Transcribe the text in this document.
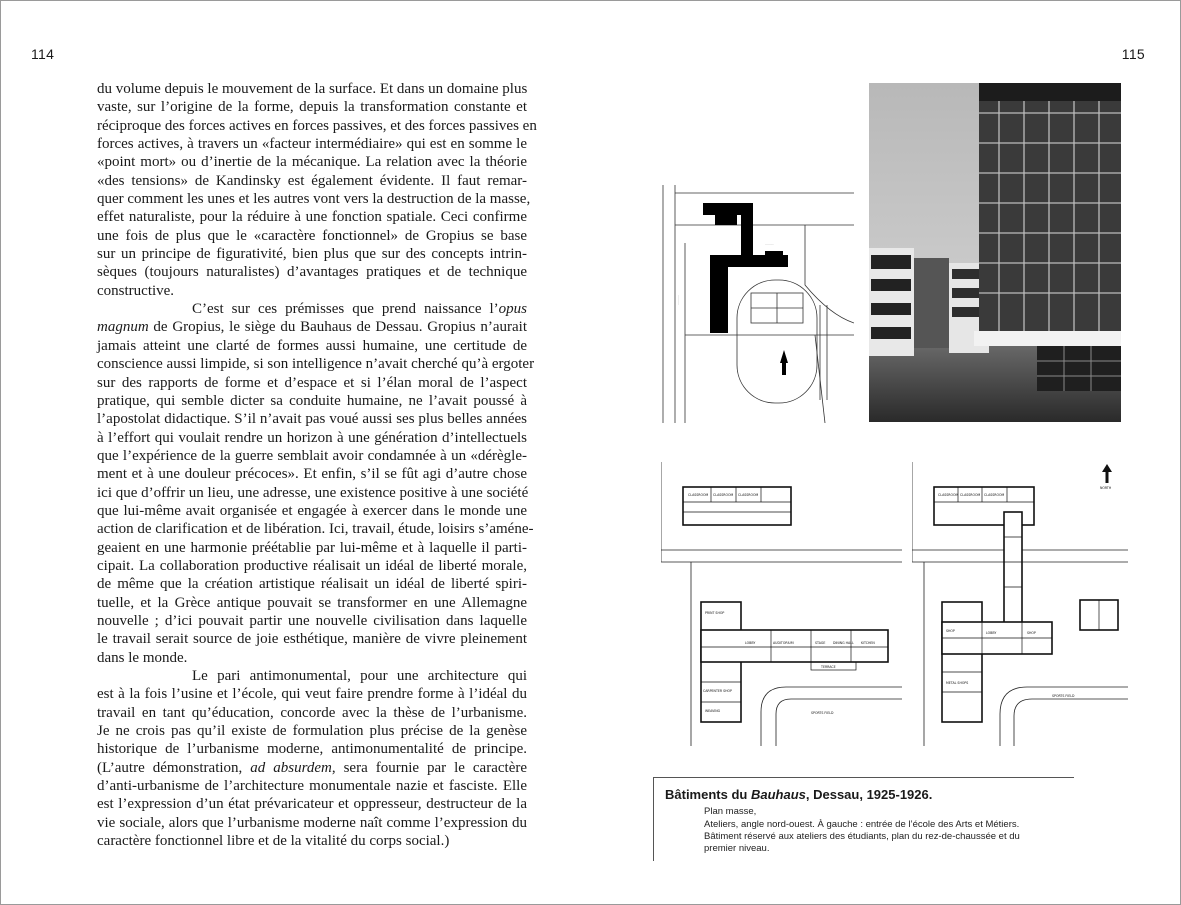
114	115

du volume depuis le mouvement de la surface. Et dans un domaine plus
vaste, sur l’origine de la forme, depuis la transformation constante et
réciproque des forces actives en forces passives, et des forces passives en
forces actives, à travers un «facteur intermédiaire» qui est en somme le
«point mort» ou d’inertie de la mécanique. La relation avec la théorie
«des tensions» de Kandinsky est également évidente. Il faut remar-
quer comment les unes et les autres vont vers la destruction de la masse,
effet naturaliste, pour la réduire à une fonction spatiale. Ceci confirme
une fois de plus que le «caractère fonctionnel» de Gropius se base
sur un principe de figurativité, bien plus que sur des concepts intrin-
sèques (toujours naturalistes) d’avantages pratiques et de technique
constructive.

C’est sur ces prémisses que prend naissance l’opus
magnum de Gropius, le siège du Bauhaus de Dessau. Gropius n’aurait
jamais atteint une clarté de formes aussi humaine, une certitude de
conscience aussi limpide, si son intelligence n’avait cherché qu’à ergoter
sur des rapports de forme et d’espace et si l’élan moral de l’aspect
pratique, qui semble dicter sa conduite humaine, ne l’avait poussé à
l’apostolat didactique. S’il n’avait pas voué aussi ses plus belles années
à l’effort qui voulait rendre un horizon à une génération d’intellectuels
que l’expérience de la guerre semblait avoir condamnée à un «dérègle-
ment et à une douleur précoces». Et enfin, s’il se fût agi d’autre chose
ici que d’offrir un lieu, une adresse, une existence positive à une société
que lui-même avait organisée et engagée à exercer dans le monde une
action de clarification et de libération. Ici, travail, étude, loisirs s’améne-
geaient en une harmonie préétablie par lui-même et à laquelle il parti-
cipait. La collaboration productive réalisait un idéal de liberté morale,
de même que la création artistique réalisait un idéal de liberté spiri-
tuelle, et la Grèce antique pouvait se transformer en une Allemagne
nouvelle ; d’ici pouvait partir une nouvelle civilisation dans laquelle
le travail serait source de joie esthétique, manière de vivre pleinement
dans le monde.

Le pari antimonumental, pour une architecture qui
est à la fois l’usine et l’école, qui veut faire prendre forme à l’idéal du
travail en tant qu’éducation, concorde avec la thèse de l’urbanisme.
Je ne crois pas qu’il existe de formulation plus précise de la genèse
historique de l’urbanisme moderne, antimonumentalité de principe.
(L’autre démonstration, ad absurdem, sera fournie par le caractère
d’anti-urbanisme de l’architecture monumentale nazie et fasciste. Elle
est l’expression d’un état prévaricateur et oppresseur, destructeur de la
vie sociale, alors que l’urbanisme moderne naît comme l’expression du
caractère fonctionnel libre et de la vitalité du corps social.)

·········
··········
CLASSROOM CLASSROOM CLASSROOM
PRINT SHOP
LOBBY	AUDITORIUM	STAGE DINING HALL KITCHEN
TERRACE
CARPENTER SHOP
WEAVING	SPORTS FIELD
CLASSROOM CLASSROOM CLASSROOM
SHOP	LOBBY	SHOP
METAL SHOPS
SPORTS FIELD
NORTH
Bâtiments du Bauhaus, Dessau, 1925-1926.
Plan masse,
Ateliers, angle nord-ouest. À gauche : entrée de l’école des Arts et Métiers.
Bâtiment réservé aux ateliers des étudiants, plan du rez-de-chaussée et du premier niveau.
